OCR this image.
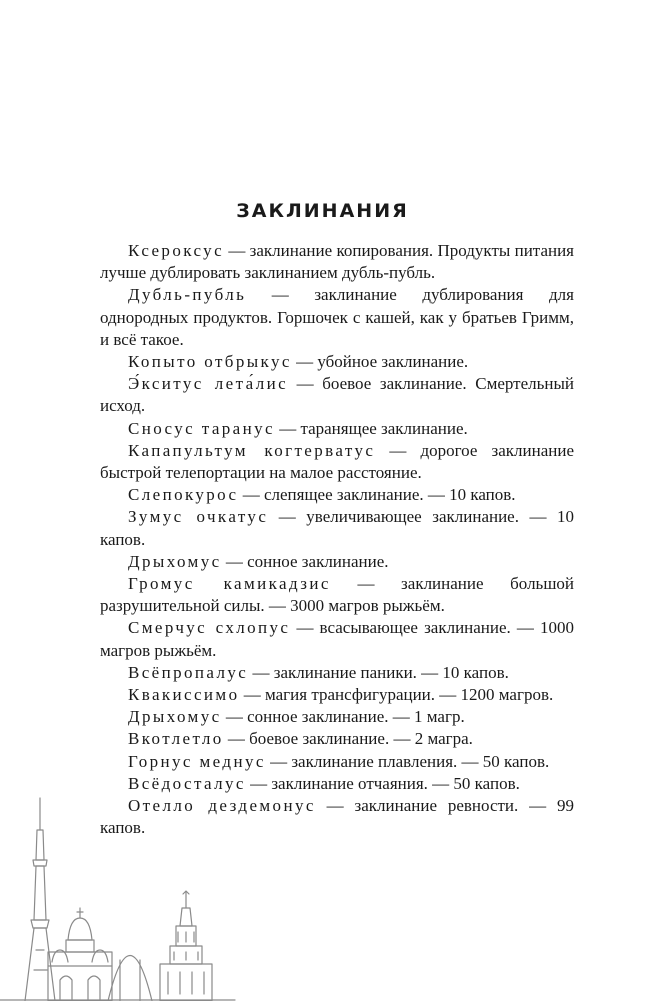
ЗАКЛИНАНИЯ

Ксероксус — заклинание копирования. Продукты питания лучше дублировать заклинанием дубль-публь.

Дубль-публь — заклинание дублирования для однородных продуктов. Горшочек с кашей, как у братьев Гримм, и всё такое.

Копыто отбрыкус — убойное заклинание.

Э́кситус лета́лис — боевое заклинание. Смертельный исход.

Сносус таранус — таранящее заклинание.

Капапультум когтерватус — дорогое заклинание быстрой телепортации на малое расстояние.

Слепокурос — слепящее заклинание. — 10 капов.

Зумус очкатус — увеличивающее заклинание. — 10 капов.

Дрыхомус — сонное заклинание.

Громус камикадзис — заклинание большой разрушительной силы. — 3000 магров рыжьём.

Смерчус схлопус — всасывающее заклинание. — 1000 магров рыжьём.

Всёпропалус — заклинание паники. — 10 капов.

Квакиссимо — магия трансфигурации. — 1200 магров.

Дрыхомус — сонное заклинание. — 1 магр.

Вкотлетло — боевое заклинание. — 2 магра.

Горнус меднус — заклинание плавления. — 50 капов.

Всёдосталус — заклинание отчаяния. — 50 капов.

Отелло дездемонус — заклинание ревности. — 99 капов.
